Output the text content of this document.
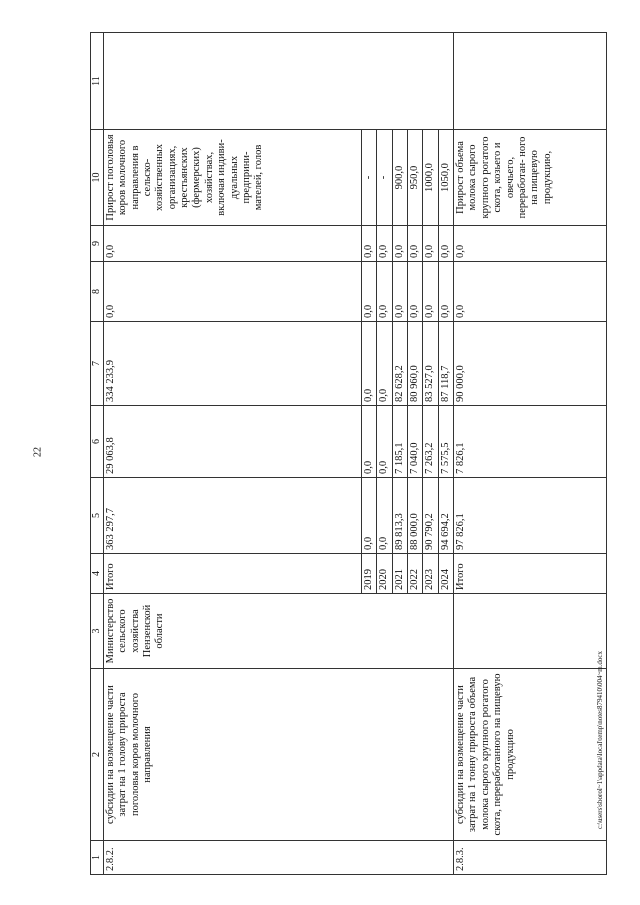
22
1	2	3	4	5	6	7	8	9	10	11
2.8.2.	субсидии на возмещение части затрат на 1 голову прироста поголовья коров молочного направления	Министерство сельского хозяйства Пензенской области	Итого	363 297,7	29 063,8	334 233,9	0,0	0,0	Прирост поголовья коров молочного направления в сельско- хозяйственных организациях, крестьянских (фермерских) хозяйствах, включая индиви- дуальных предприни- мателей, голов	
			2019	0,0	0,0	0,0	0,0	0,0	-	
			2020	0,0	0,0	0,0	0,0	0,0	-	
			2021	89 813,3	7 185,1	82 628,2	0,0	0,0	900,0	
			2022	88 000,0	7 040,0	80 960,0	0,0	0,0	950,0	
			2023	90 790,2	7 263,2	83 527,0	0,0	0,0	1000,0	
			2024	94 694,2	7 575,5	87 118,7	0,0	0,0	1050,0	
2.8.3.	субсидии на возмещение части затрат на 1 тонну прироста объема молока сырого крупного рогатого скота, переработанного на пищевую продукцию		Итого	97 826,1	7 826,1	90 000,0	0,0	0,0	Прирост объема молока сырого крупного рогатого скота, козьего и овечьего, переработан- ного на пищевую продукцию,	
c:\users\sborol~1\appdata\local\temp\notes879410\004~m.docx
